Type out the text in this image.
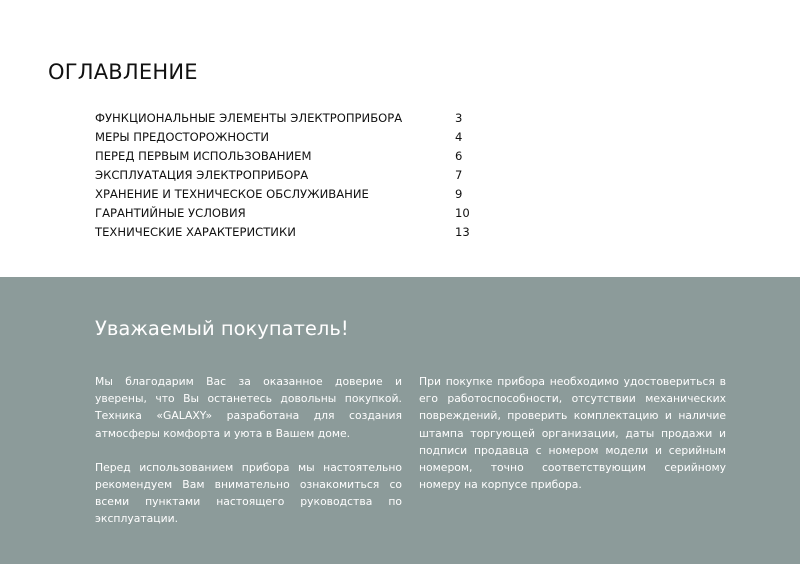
ОГЛАВЛЕНИЕ
ФУНКЦИОНАЛЬНЫЕ ЭЛЕМЕНТЫ ЭЛЕКТРОПРИБОРА	3
МЕРЫ ПРЕДОСТОРОЖНОСТИ	4
ПЕРЕД ПЕРВЫМ ИСПОЛЬЗОВАНИЕМ	6
ЭКСПЛУАТАЦИЯ ЭЛЕКТРОПРИБОРА	7
ХРАНЕНИЕ И ТЕХНИЧЕСКОЕ ОБСЛУЖИВАНИЕ	9
ГАРАНТИЙНЫЕ УСЛОВИЯ	10
ТЕХНИЧЕСКИЕ ХАРАКТЕРИСТИКИ	13
Уважаемый покупатель!

Мы благодарим Вас за оказанное доверие и уверены, что Вы останетесь довольны покупкой. Техника «GALAXY» разработана для создания атмосферы комфорта и уюта в Вашем доме.

Перед использованием прибора мы настоятельно рекомендуем Вам внимательно ознакомиться со всеми пунктами настоящего руководства по эксплуатации.

При покупке прибора необходимо удостовериться в его работоспособности, отсутствии механических повреждений, проверить комплектацию и наличие штампа торгующей организации, даты продажи и подписи продавца с номером модели и серийным номером, точно соответствующим серийному номеру на корпусе прибора.
